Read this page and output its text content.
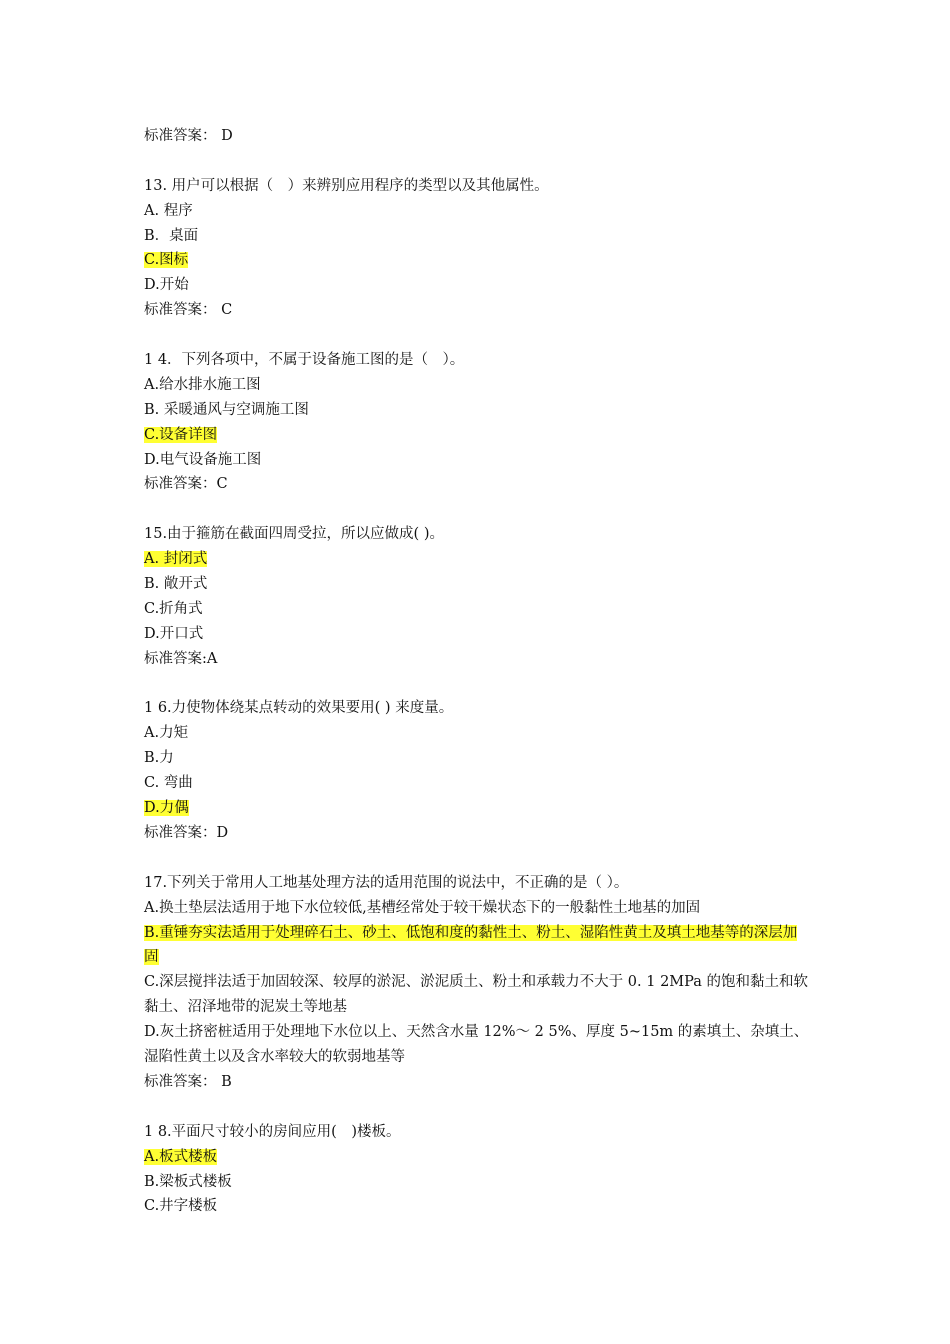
标准答案： D
13. 用户可以根据（　）来辨别应用程序的类型以及其他属性。
A. 程序
B．桌面
C.图标
D.开始
标准答案： C
1 4．下列各项中，不属于设备施工图的是（　）。
A.给水排水施工图
B. 采暖通风与空调施工图
C.设备详图
D.电气设备施工图
标准答案：C
15.由于箍筋在截面四周受拉，所以应做成( )。
A. 封闭式
B. 敞开式
C.折角式
D.开口式
标准答案:A
1 6.力使物体绕某点转动的效果要用( ) 来度量。
A.力矩
B.力
C. 弯曲
D.力偶
标准答案：D
17.下列关于常用人工地基处理方法的适用范围的说法中，不正确的是（ ）。
A.换土垫层法适用于地下水位较低,基槽经常处于较干燥状态下的一般黏性土地基的加固
B.重锤夯实法适用于处理碎石土、砂土、低饱和度的黏性土、粉土、湿陷性黄土及填土地基等的深层加固
C.深层搅拌法适于加固较深、较厚的淤泥、淤泥质土、粉土和承载力不大于 0. 1 2MPa 的饱和黏土和软黏土、沼泽地带的泥炭土等地基
D.灰土挤密桩适用于处理地下水位以上、天然含水量 12%～ 2 5%、厚度 5~15m 的素填土、杂填土、湿陷性黄土以及含水率较大的软弱地基等
标准答案： B
1 8.平面尺寸较小的房间应用(　)楼板。
A.板式楼板
B.梁板式楼板
C.井字楼板
